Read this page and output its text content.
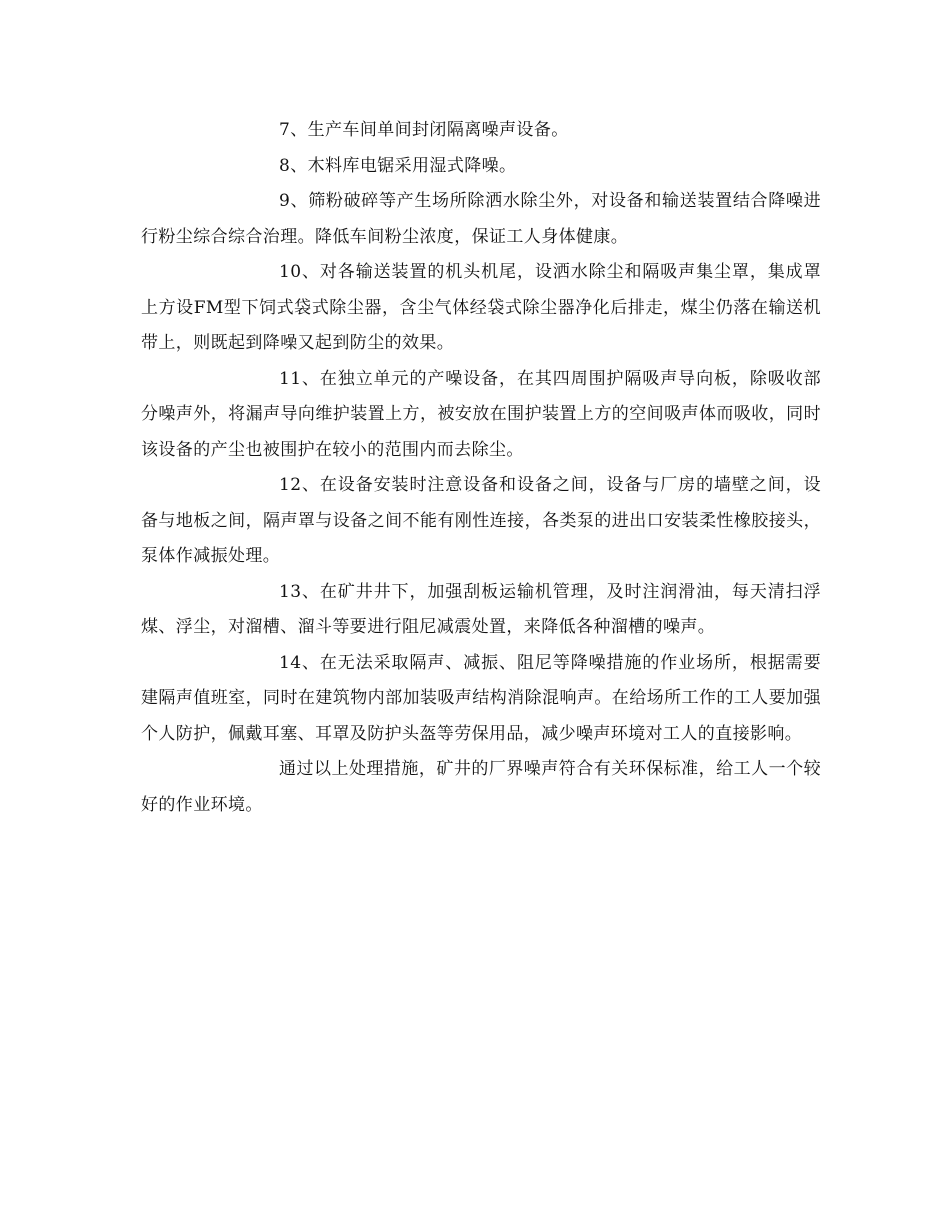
7、生产车间单间封闭隔离噪声设备。

8、木料库电锯采用湿式降噪。

9、筛粉破碎等产生场所除洒水除尘外，对设备和输送装置结合降噪进行粉尘综合综合治理。降低车间粉尘浓度，保证工人身体健康。

10、对各输送装置的机头机尾，设洒水除尘和隔吸声集尘罩，集成罩上方设FM型下饲式袋式除尘器，含尘气体经袋式除尘器净化后排走，煤尘仍落在输送机带上，则既起到降噪又起到防尘的效果。

11、在独立单元的产噪设备，在其四周围护隔吸声导向板，除吸收部分噪声外，将漏声导向维护装置上方，被安放在围护装置上方的空间吸声体而吸收，同时该设备的产尘也被围护在较小的范围内而去除尘。

12、在设备安装时注意设备和设备之间，设备与厂房的墙壁之间，设备与地板之间，隔声罩与设备之间不能有刚性连接，各类泵的进出口安装柔性橡胶接头，泵体作减振处理。

13、在矿井井下，加强刮板运输机管理，及时注润滑油，每天清扫浮煤、浮尘，对溜槽、溜斗等要进行阻尼减震处置，来降低各种溜槽的噪声。

14、在无法采取隔声、减振、阻尼等降噪措施的作业场所，根据需要建隔声值班室，同时在建筑物内部加装吸声结构消除混响声。在给场所工作的工人要加强个人防护，佩戴耳塞、耳罩及防护头盔等劳保用品，减少噪声环境对工人的直接影响。

通过以上处理措施，矿井的厂界噪声符合有关环保标准，给工人一个较好的作业环境。
